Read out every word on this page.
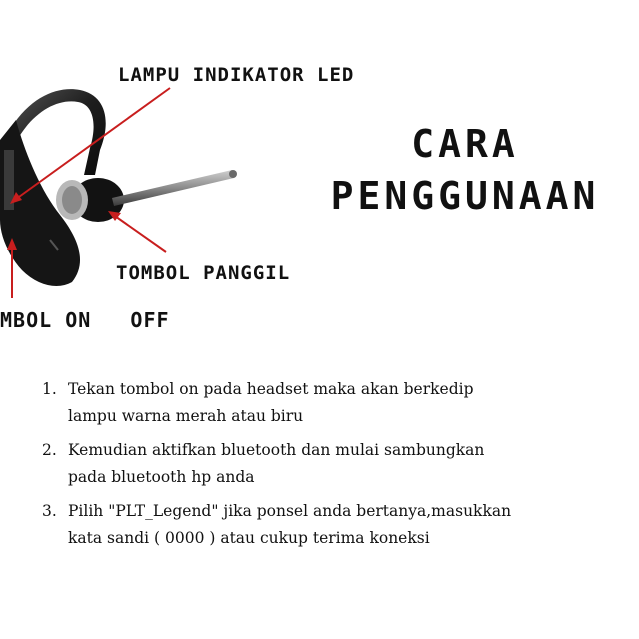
LAMPU INDIKATOR LED

TOMBOL PANGGIL

MBOL ON   OFF

CARA
PENGGUNAAN
1. Tekan tombol on pada headset maka akan berkedip
lampu warna merah atau biru
2. Kemudian aktifkan bluetooth dan mulai sambungkan
pada bluetooth hp anda
3. Pilih "PLT_Legend" jika ponsel anda bertanya,masukkan
kata sandi ( 0000 ) atau cukup terima koneksi
